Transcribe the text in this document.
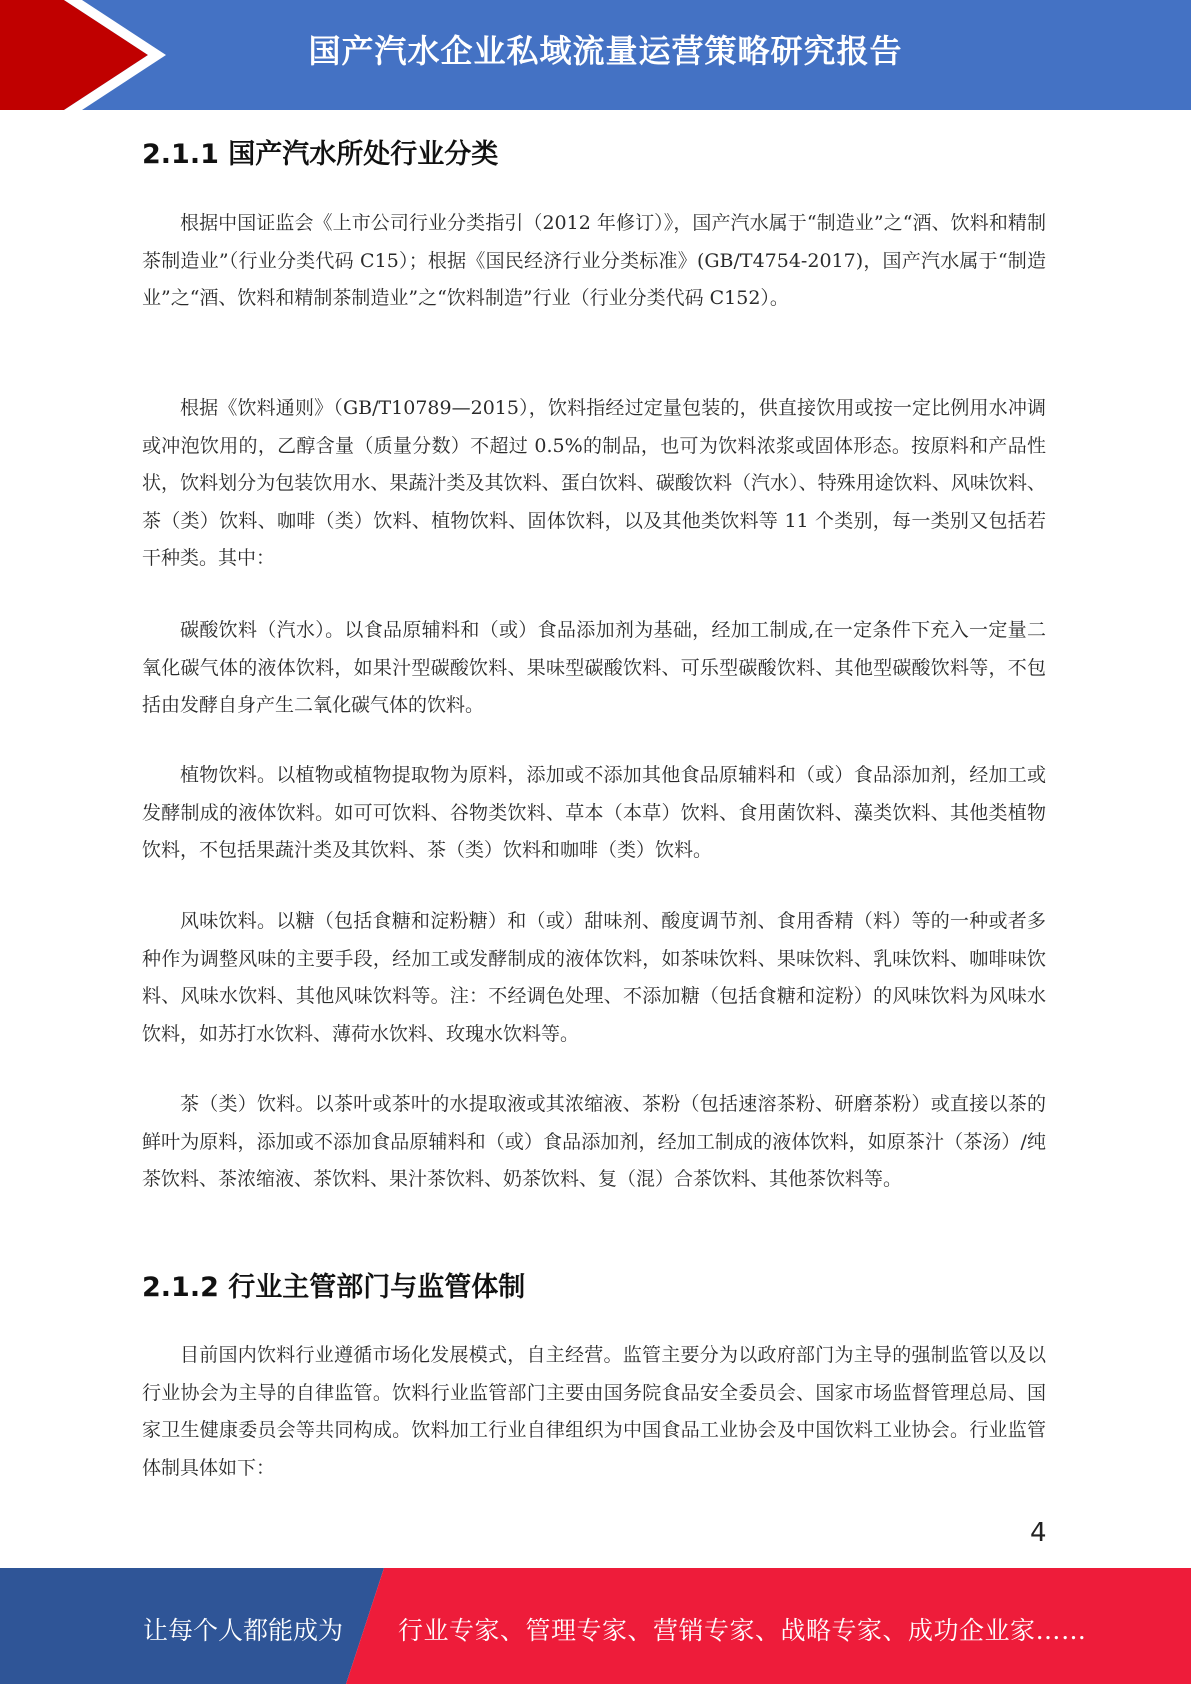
国产汽水企业私域流量运营策略研究报告
2.1.1 国产汽水所处行业分类

根据中国证监会《上市公司行业分类指引（2012 年修订）》，国产汽水属于“制造业”之“酒、饮料和精制茶制造业”（行业分类代码 C15）；根据《国民经济行业分类标准》(GB/T4754-2017)，国产汽水属于“制造业”之“酒、饮料和精制茶制造业”之“饮料制造”行业（行业分类代码 C152）。

根据《饮料通则》（GB/T10789—2015），饮料指经过定量包装的，供直接饮用或按一定比例用水冲调或冲泡饮用的，乙醇含量（质量分数）不超过 0.5%的制品，也可为饮料浓浆或固体形态。按原料和产品性状，饮料划分为包装饮用水、果蔬汁类及其饮料、蛋白饮料、碳酸饮料（汽水）、特殊用途饮料、风味饮料、茶（类）饮料、咖啡（类）饮料、植物饮料、固体饮料，以及其他类饮料等 11 个类别，每一类别又包括若干种类。其中：

碳酸饮料（汽水）。以食品原辅料和（或）食品添加剂为基础，经加工制成,在一定条件下充入一定量二氧化碳气体的液体饮料，如果汁型碳酸饮料、果味型碳酸饮料、可乐型碳酸饮料、其他型碳酸饮料等，不包括由发酵自身产生二氧化碳气体的饮料。

植物饮料。以植物或植物提取物为原料，添加或不添加其他食品原辅料和（或）食品添加剂，经加工或发酵制成的液体饮料。如可可饮料、谷物类饮料、草本（本草）饮料、食用菌饮料、藻类饮料、其他类植物饮料，不包括果蔬汁类及其饮料、茶（类）饮料和咖啡（类）饮料。

风味饮料。以糖（包括食糖和淀粉糖）和（或）甜味剂、酸度调节剂、食用香精（料）等的一种或者多种作为调整风味的主要手段，经加工或发酵制成的液体饮料，如茶味饮料、果味饮料、乳味饮料、咖啡味饮料、风味水饮料、其他风味饮料等。注：不经调色处理、不添加糖（包括食糖和淀粉）的风味饮料为风味水饮料，如苏打水饮料、薄荷水饮料、玫瑰水饮料等。

茶（类）饮料。以茶叶或茶叶的水提取液或其浓缩液、茶粉（包括速溶茶粉、研磨茶粉）或直接以茶的鲜叶为原料，添加或不添加食品原辅料和（或）食品添加剂，经加工制成的液体饮料，如原茶汁（茶汤）/纯茶饮料、茶浓缩液、茶饮料、果汁茶饮料、奶茶饮料、复（混）合茶饮料、其他茶饮料等。

2.1.2 行业主管部门与监管体制

目前国内饮料行业遵循市场化发展模式，自主经营。监管主要分为以政府部门为主导的强制监管以及以行业协会为主导的自律监管。饮料行业监管部门主要由国务院食品安全委员会、国家市场监督管理总局、国家卫生健康委员会等共同构成。饮料加工行业自律组织为中国食品工业协会及中国饮料工业协会。行业监管体制具体如下：

4
让每个人都能成为 行业专家、管理专家、营销专家、战略专家、成功企业家……
